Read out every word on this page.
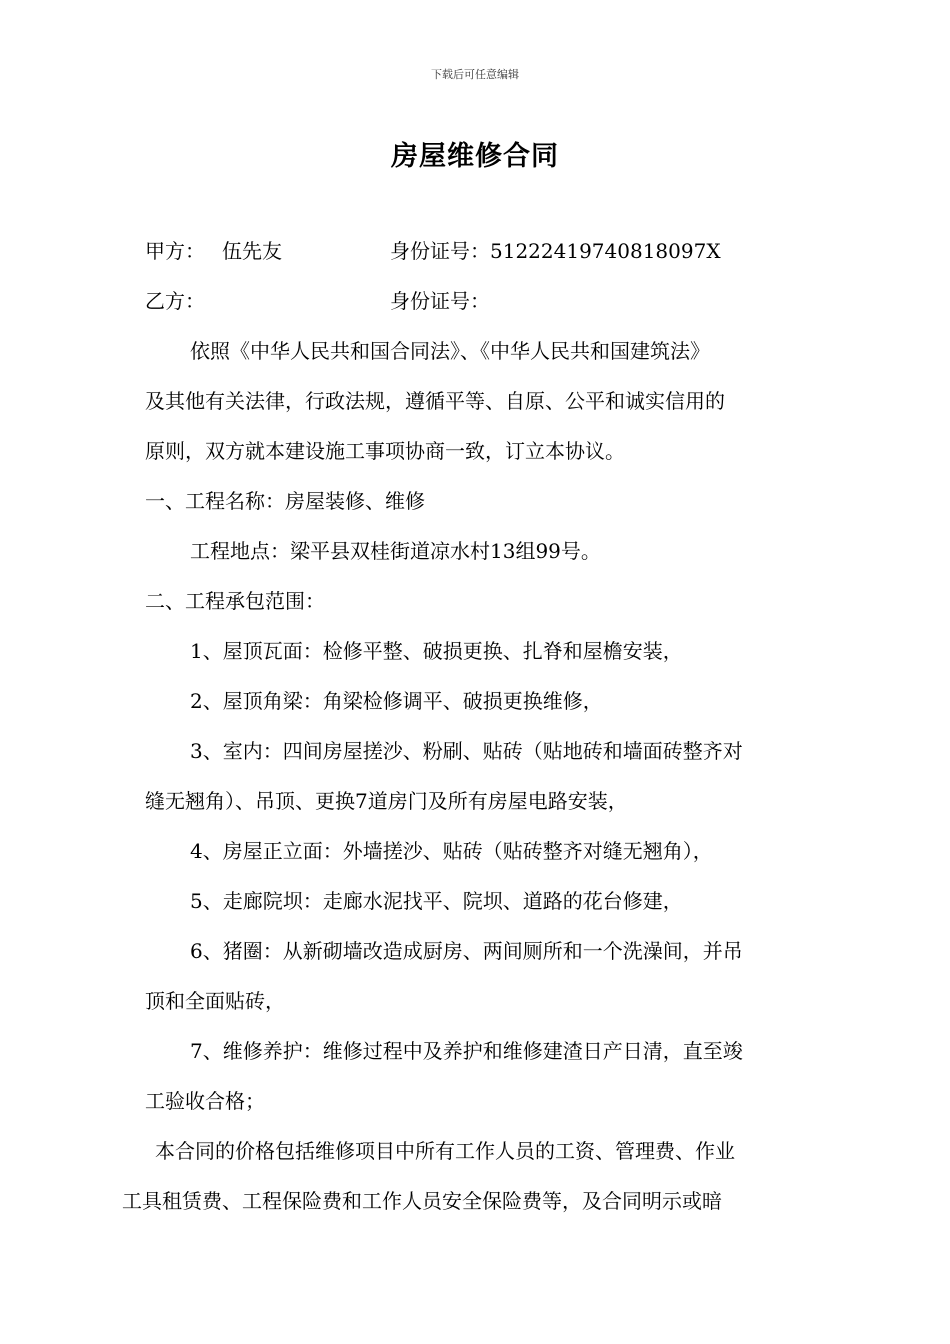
下载后可任意编辑
房屋维修合同
甲方： 伍先友	身份证号： 51222419740818097X
乙方：	身份证号：
依照《中华人民共和国合同法》、《中华人民共和国建筑法》
及其他有关法律，行政法规，遵循平等、自原、公平和诚实信用的
原则，双方就本建设施工事项协商一致，订立本协议。
一、工程名称：房屋装修、维修
工程地点：梁平县双桂街道凉水村13组99号。
二、工程承包范围：
1、屋顶瓦面：检修平整、破损更换、扎脊和屋檐安装，
2、屋顶角梁：角梁检修调平、破损更换维修，
3、室内：四间房屋搓沙、粉刷、贴砖（贴地砖和墙面砖整齐对
缝无翘角）、吊顶、更换7道房门及所有房屋电路安装，
4、房屋正立面：外墙搓沙、贴砖（贴砖整齐对缝无翘角），
5、走廊院坝：走廊水泥找平、院坝、道路的花台修建，
6、猪圈：从新砌墙改造成厨房、两间厕所和一个洗澡间，并吊
顶和全面贴砖，
7、维修养护：维修过程中及养护和维修建渣日产日清，直至竣
工验收合格；
本合同的价格包括维修项目中所有工作人员的工资、管理费、作业
工具租赁费、工程保险费和工作人员安全保险费等，及合同明示或暗
